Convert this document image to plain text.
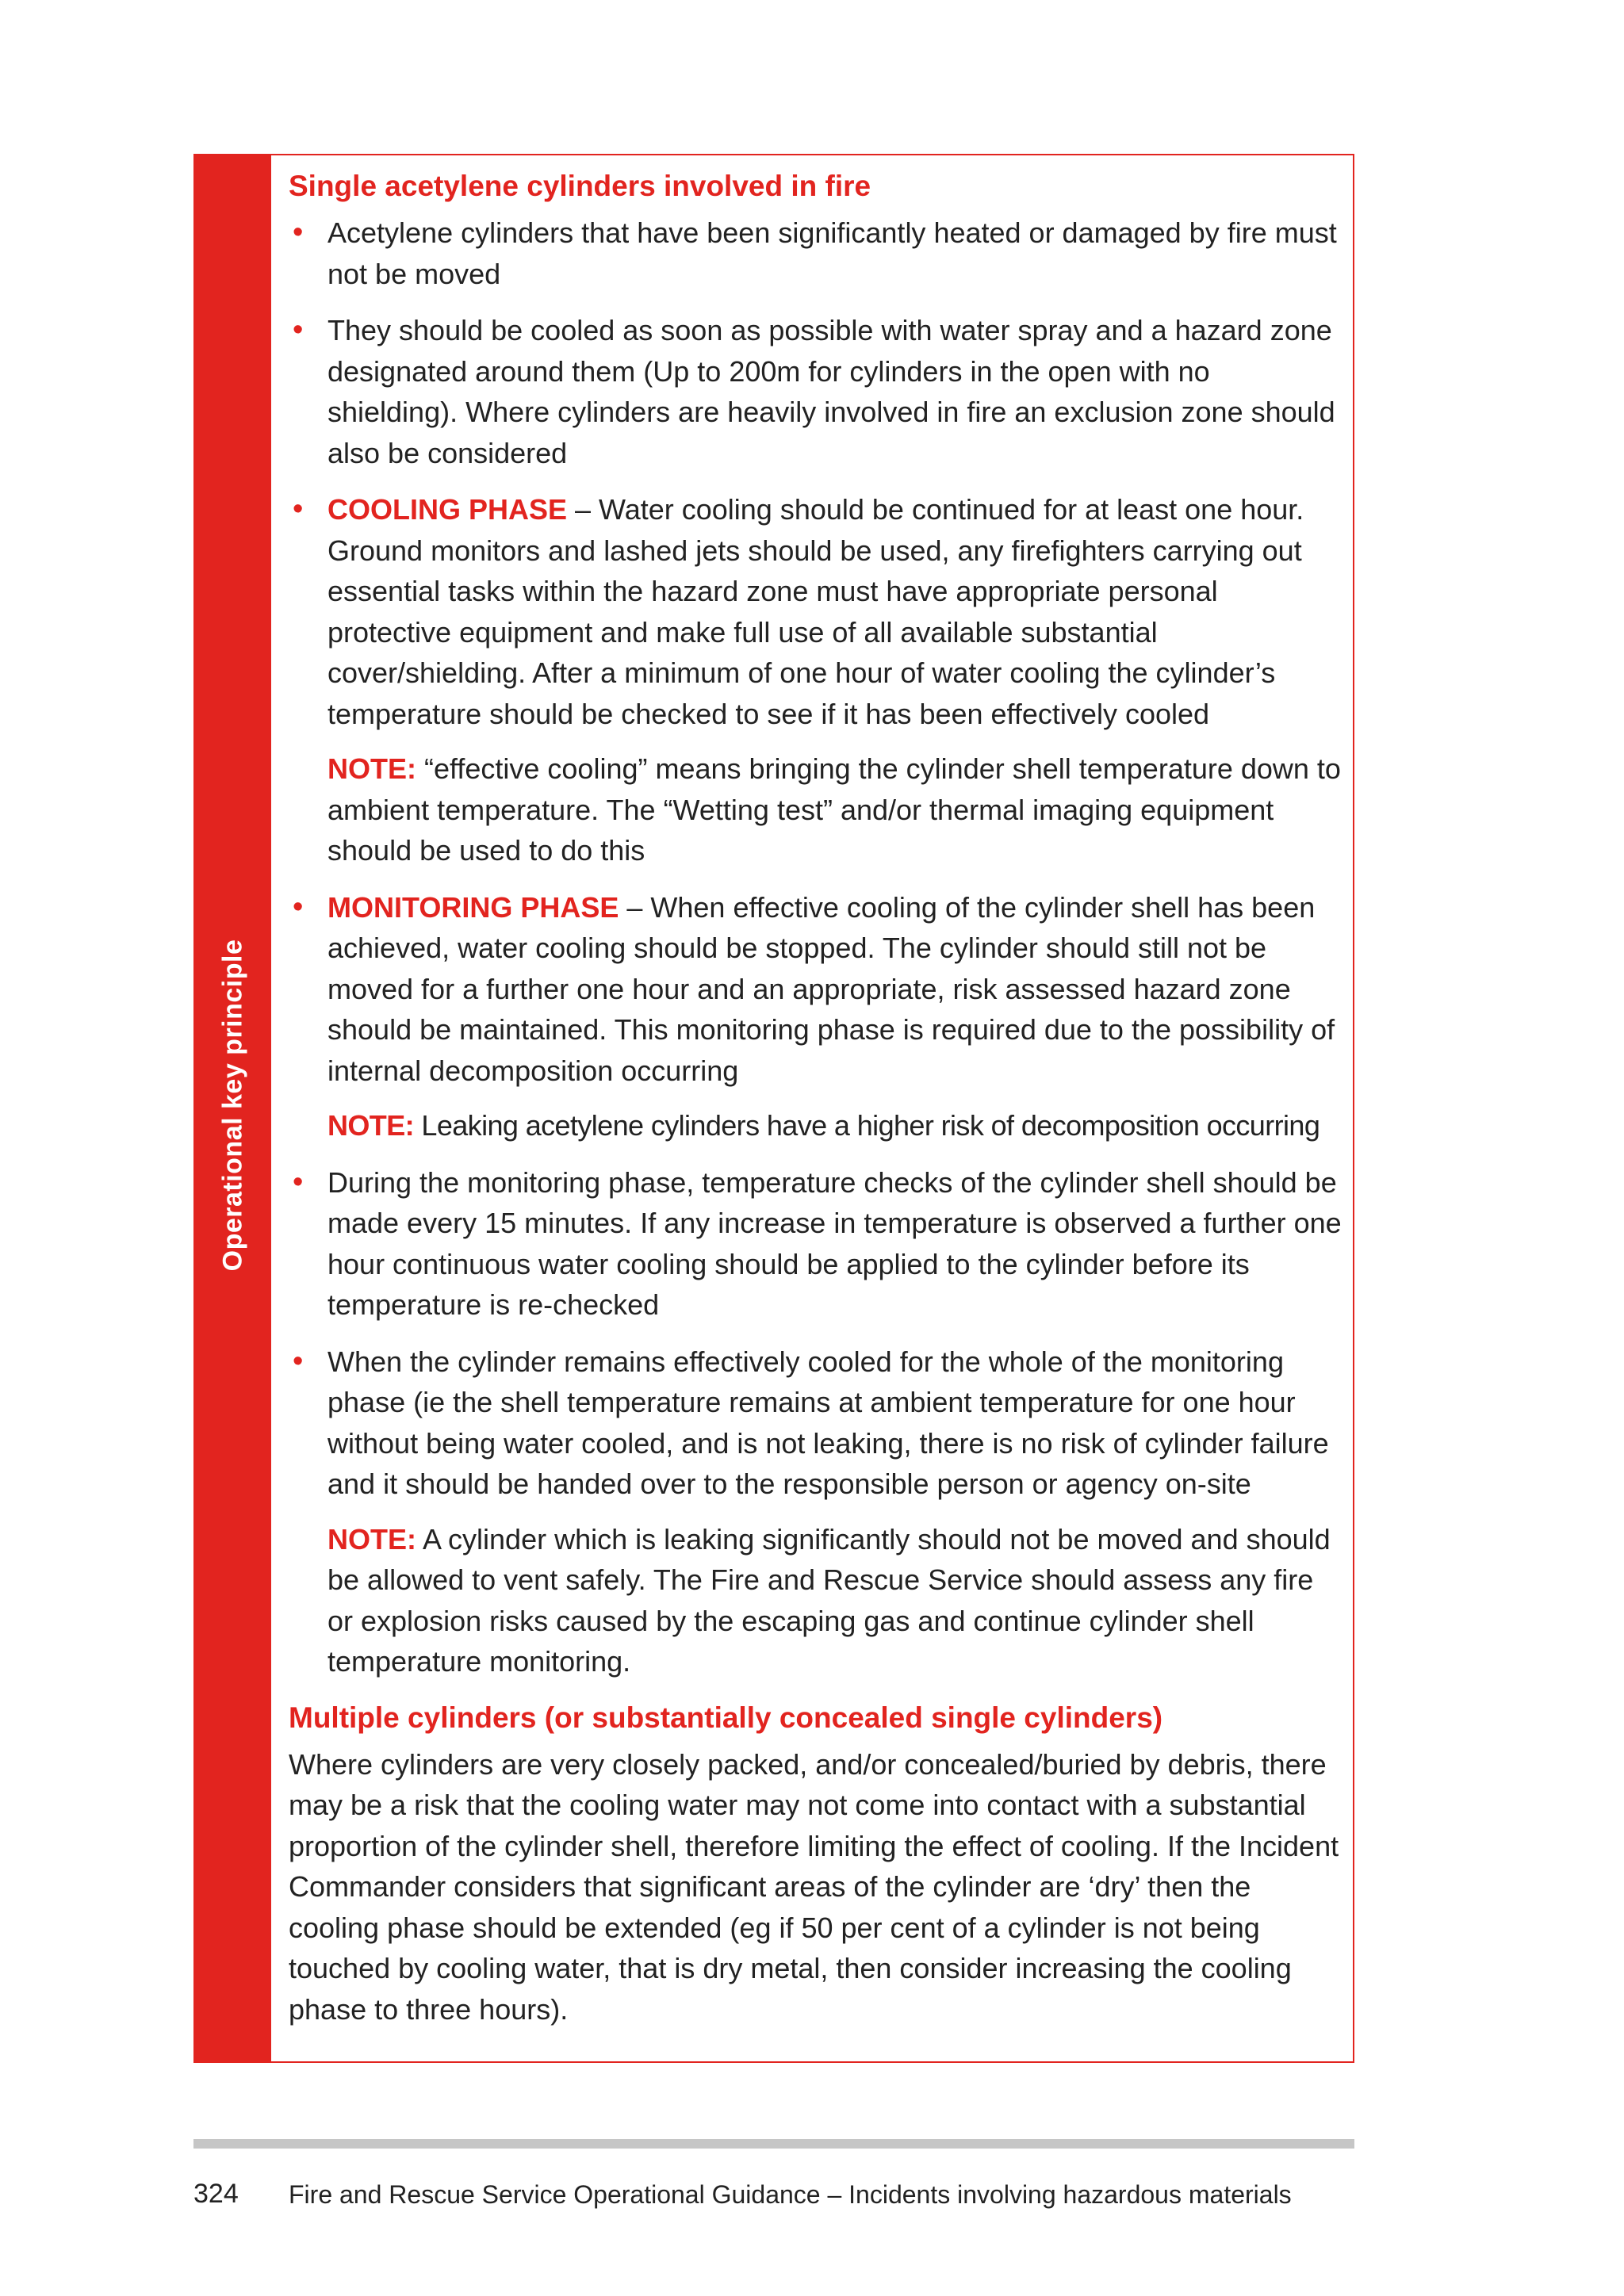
Operational key principle
Single acetylene cylinders involved in fire
• Acetylene cylinders that have been significantly heated or damaged by fire must not be moved
• They should be cooled as soon as possible with water spray and a hazard zone designated around them (Up to 200m for cylinders in the open with no shielding). Where cylinders are heavily involved in fire an exclusion zone should also be considered
• COOLING PHASE – Water cooling should be continued for at least one hour. Ground monitors and lashed jets should be used, any firefighters carrying out essential tasks within the hazard zone must have appropriate personal protective equipment and make full use of all available substantial cover/shielding. After a minimum of one hour of water cooling the cylinder’s temperature should be checked to see if it has been effectively cooled
NOTE: “effective cooling” means bringing the cylinder shell temperature down to ambient temperature. The “Wetting test” and/or thermal imaging equipment should be used to do this
• MONITORING PHASE – When effective cooling of the cylinder shell has been achieved, water cooling should be stopped. The cylinder should still not be moved for a further one hour and an appropriate, risk assessed hazard zone should be maintained. This monitoring phase is required due to the possibility of internal decomposition occurring
NOTE: Leaking acetylene cylinders have a higher risk of decomposition occurring
• During the monitoring phase, temperature checks of the cylinder shell should be made every 15 minutes. If any increase in temperature is observed a further one hour continuous water cooling should be applied to the cylinder before its temperature is re-checked
• When the cylinder remains effectively cooled for the whole of the monitoring phase (ie the shell temperature remains at ambient temperature for one hour without being water cooled, and is not leaking, there is no risk of cylinder failure and it should be handed over to the responsible person or agency on-site
NOTE: A cylinder which is leaking significantly should not be moved and should be allowed to vent safely. The Fire and Rescue Service should assess any fire or explosion risks caused by the escaping gas and continue cylinder shell temperature monitoring.
Multiple cylinders (or substantially concealed single cylinders)

Where cylinders are very closely packed, and/or concealed/buried by debris, there may be a risk that the cooling water may not come into contact with a substantial proportion of the cylinder shell, therefore limiting the effect of cooling. If the Incident Commander considers that significant areas of the cylinder are ‘dry’ then the cooling phase should be extended (eg if 50 per cent of a cylinder is not being touched by cooling water, that is dry metal, then consider increasing the cooling phase to three hours).

324 Fire and Rescue Service Operational Guidance – Incidents involving hazardous materials
